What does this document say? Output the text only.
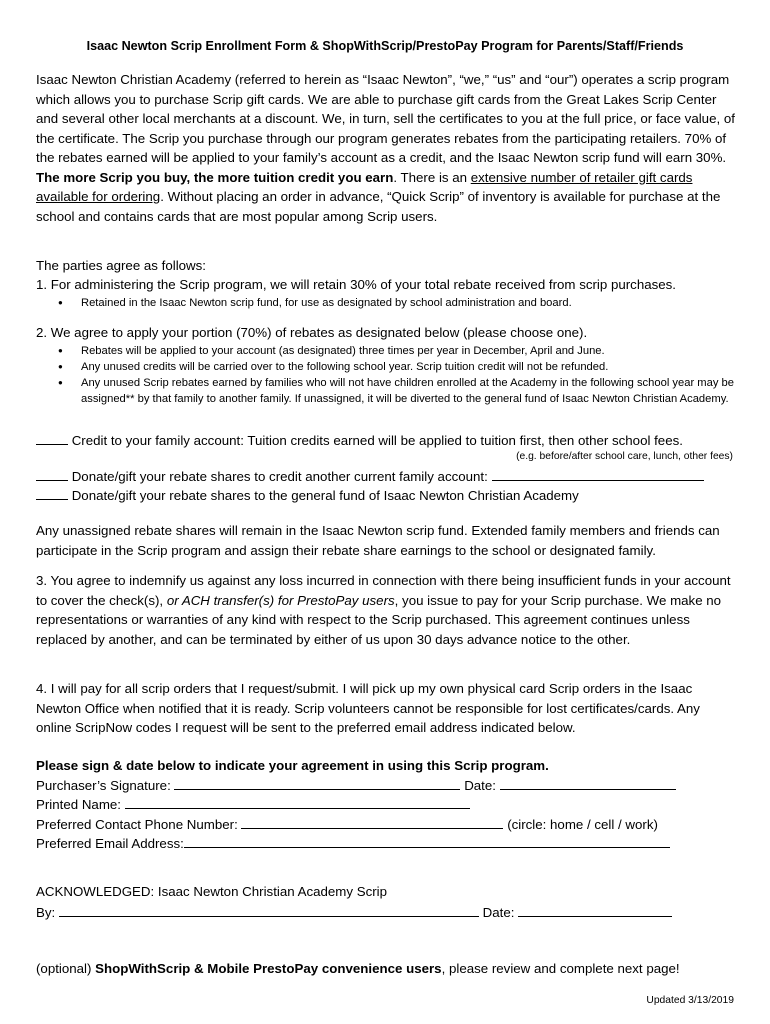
Isaac Newton Scrip Enrollment Form & ShopWithScrip/PrestoPay Program for Parents/Staff/Friends

Isaac Newton Christian Academy (referred to herein as “Isaac Newton”, “we,” “us” and “our”) operates a scrip program which allows you to purchase Scrip gift cards. We are able to purchase gift cards from the Great Lakes Scrip Center and several other local merchants at a discount. We, in turn, sell the certificates to you at the full price, or face value, of the certificate. The Scrip you purchase through our program generates rebates from the participating retailers. 70% of the rebates earned will be applied to your family’s account as a credit, and the Isaac Newton scrip fund will earn 30%. The more Scrip you buy, the more tuition credit you earn. There is an extensive number of retailer gift cards available for ordering. Without placing an order in advance, “Quick Scrip” of inventory is available for purchase at the school and contains cards that are most popular among Scrip users.

The parties agree as follows:

1. For administering the Scrip program, we will retain 30% of your total rebate received from scrip purchases.

● Retained in the Isaac Newton scrip fund, for use as designated by school administration and board.

2. We agree to apply your portion (70%) of rebates as designated below (please choose one).

● Rebates will be applied to your account (as designated) three times per year in December, April and June.
● Any unused credits will be carried over to the following school year. Scrip tuition credit will not be refunded.
● Any unused Scrip rebates earned by families who will not have children enrolled at the Academy in the following school year may be assigned** by that family to another family. If unassigned, it will be diverted to the general fund of Isaac Newton Christian Academy.
Credit to your family account: Tuition credits earned will be applied to tuition first, then other school fees.
(e.g. before/after school care, lunch, other fees)
Donate/gift your rebate shares to credit another current family account:
Donate/gift your rebate shares to the general fund of Isaac Newton Christian Academy

Any unassigned rebate shares will remain in the Isaac Newton scrip fund. Extended family members and friends can participate in the Scrip program and assign their rebate share earnings to the school or designated family.

3. You agree to indemnify us against any loss incurred in connection with there being insufficient funds in your account to cover the check(s), or ACH transfer(s) for PrestoPay users, you issue to pay for your Scrip purchase. We make no representations or warranties of any kind with respect to the Scrip purchased. This agreement continues unless replaced by another, and can be terminated by either of us upon 30 days advance notice to the other.

4. I will pay for all scrip orders that I request/submit. I will pick up my own physical card Scrip orders in the Isaac Newton Office when notified that it is ready. Scrip volunteers cannot be responsible for lost certificates/cards. Any online ScripNow codes I request will be sent to the preferred email address indicated below.

Please sign & date below to indicate your agreement in using this Scrip program.

Purchaser’s Signature:	Date:
Printed Name:
Preferred Contact Phone Number:	(circle: home / cell / work)
Preferred Email Address:
ACKNOWLEDGED: Isaac Newton Christian Academy Scrip
By:	Date:
(optional) ShopWithScrip & Mobile PrestoPay convenience users, please review and complete next page!
Updated 3/13/2019
